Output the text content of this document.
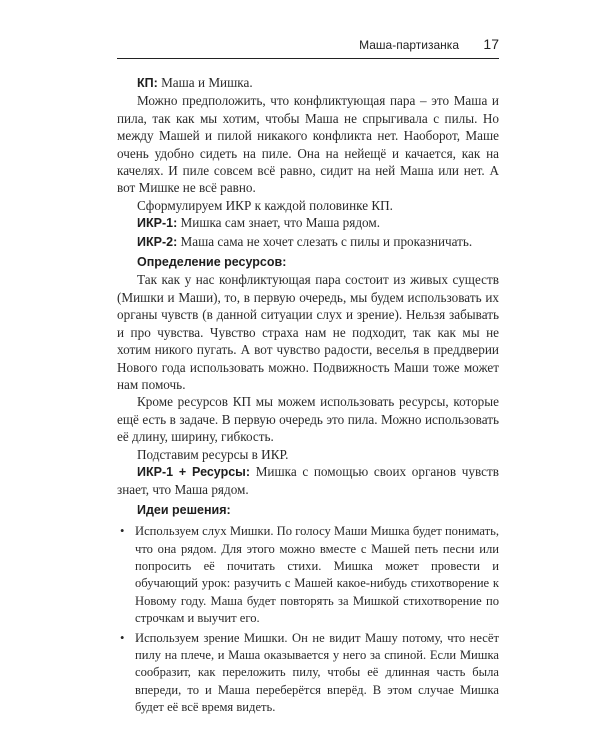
Маша-партизанка 17

КП: Маша и Мишка.

Можно предположить, что конфликтующая пара – это Маша и пила, так как мы хотим, чтобы Маша не спрыгивала с пилы. Но между Машей и пилой никакого конфликта нет. Наоборот, Маше очень удобно сидеть на пиле. Она на нейещё и качается, как на качелях. И пиле совсем всё равно, сидит на ней Маша или нет. А вот Мишке не всё равно.

Сформулируем ИКР к каждой половинке КП.

ИКР-1: Мишка сам знает, что Маша рядом.

ИКР-2: Маша сама не хочет слезать с пилы и проказничать.

Определение ресурсов:

Так как у нас конфликтующая пара состоит из живых существ (Мишки и Маши), то, в первую очередь, мы будем использовать их органы чувств (в данной ситуации слух и зрение). Нельзя забывать и про чувства. Чувство страха нам не подходит, так как мы не хотим никого пугать. А вот чувство радости, веселья в преддверии Нового года использовать можно. Подвижность Маши тоже может нам помочь.

Кроме ресурсов КП мы можем использовать ресурсы, которые ещё есть в задаче. В первую очередь это пила. Можно использовать её длину, ширину, гибкость.

Подставим ресурсы в ИКР.

ИКР-1 + Ресурсы: Мишка с помощью своих органов чувств знает, что Маша рядом.

Идеи решения:

• Используем слух Мишки. По голосу Маши Мишка будет понимать, что она рядом. Для этого можно вместе с Машей петь песни или попросить её почитать стихи. Мишка может провести и обучающий урок: разучить с Машей какое-нибудь стихотворение к Новому году. Маша будет повторять за Мишкой стихотворение по строчкам и выучит его.
• Используем зрение Мишки. Он не видит Машу потому, что несёт пилу на плече, и Маша оказывается у него за спиной. Если Мишка сообразит, как переложить пилу, чтобы её длинная часть была впереди, то и Маша переберётся вперёд. В этом случае Мишка будет её всё время видеть.
